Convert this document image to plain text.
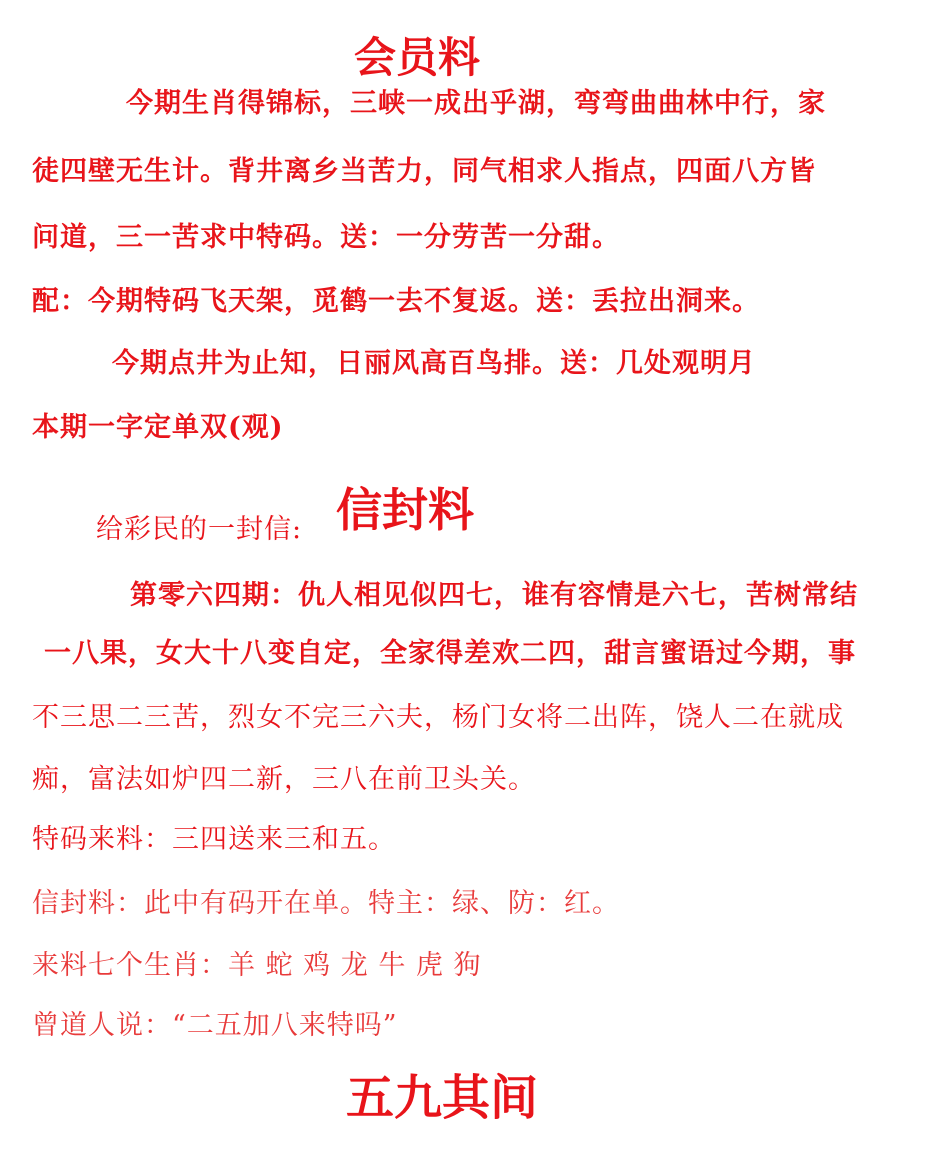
会员料
今期生肖得锦标，三峡一成出乎湖，弯弯曲曲林中行，家
徒四壁无生计。背井离乡当苦力，同气相求人指点，四面八方皆
问道，三一苦求中特码。送：一分劳苦一分甜。
配：今期特码飞天架，觅鹤一去不复返。送：丢拉出洞来。
今期点井为止知，日丽风高百鸟排。送：几处观明月
本期一字定单双(观)
给彩民的一封信: 信封料
第零六四期：仇人相见似四七，谁有容情是六七，苦树常结
一八果，女大十八变自定，全家得差欢二四，甜言蜜语过今期，事
不三思二三苦，烈女不完三六夫，杨门女将二出阵，饶人二在就成
痴，富法如炉四二新，三八在前卫头关。
特码来料：三四送来三和五。
信封料：此中有码开在单。特主：绿、防：红。
来料七个生肖：羊 蛇 鸡 龙 牛 虎 狗
曾道人说：“二五加八来特吗”
五九其间
